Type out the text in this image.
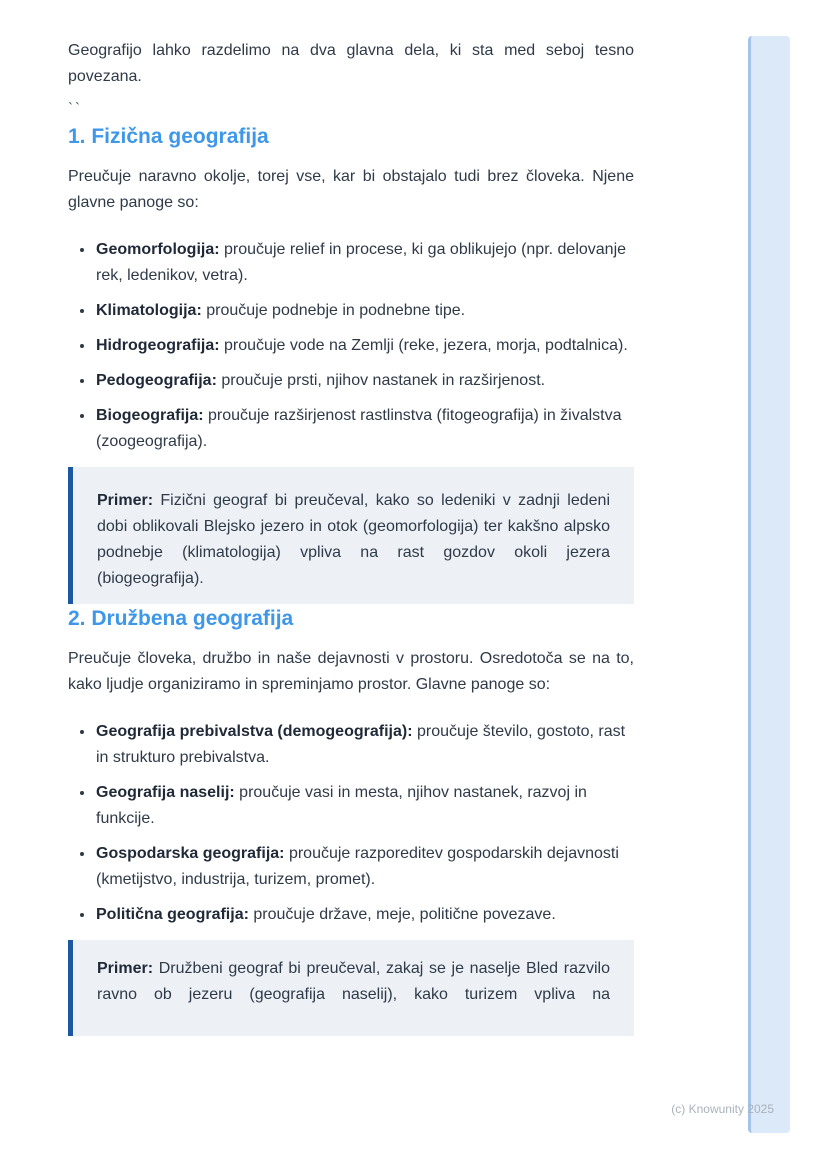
Geografijo lahko razdelimo na dva glavna dela, ki sta med seboj tesno povezana.

``

1. Fizična geografija

Preučuje naravno okolje, torej vse, kar bi obstajalo tudi brez človeka. Njene glavne panoge so:

• Geomorfologija: proučuje relief in procese, ki ga oblikujejo (npr. delovanje rek, ledenikov, vetra).
• Klimatologija: proučuje podnebje in podnebne tipe.
• Hidrogeografija: proučuje vode na Zemlji (reke, jezera, morja, podtalnica).
• Pedogeografija: proučuje prsti, njihov nastanek in razširjenost.
• Biogeografija: proučuje razširjenost rastlinstva (fitogeografija) in živalstva (zoogeografija).

Primer: Fizični geograf bi preučeval, kako so ledeniki v zadnji ledeni dobi oblikovali Blejsko jezero in otok (geomorfologija) ter kakšno alpsko podnebje (klimatologija) vpliva na rast gozdov okoli jezera (biogeografija).

2. Družbena geografija

Preučuje človeka, družbo in naše dejavnosti v prostoru. Osredotoča se na to, kako ljudje organiziramo in spreminjamo prostor. Glavne panoge so:

• Geografija prebivalstva (demogeografija): proučuje število, gostoto, rast in strukturo prebivalstva.
• Geografija naselij: proučuje vasi in mesta, njihov nastanek, razvoj in funkcije.
• Gospodarska geografija: proučuje razporeditev gospodarskih dejavnosti (kmetijstvo, industrija, turizem, promet).
• Politična geografija: proučuje države, meje, politične povezave.

Primer: Družbeni geograf bi preučeval, zakaj se je naselje Bled razvilo ravno ob jezeru (geografija naselij), kako turizem vpliva na

(c) Knowunity 2025
